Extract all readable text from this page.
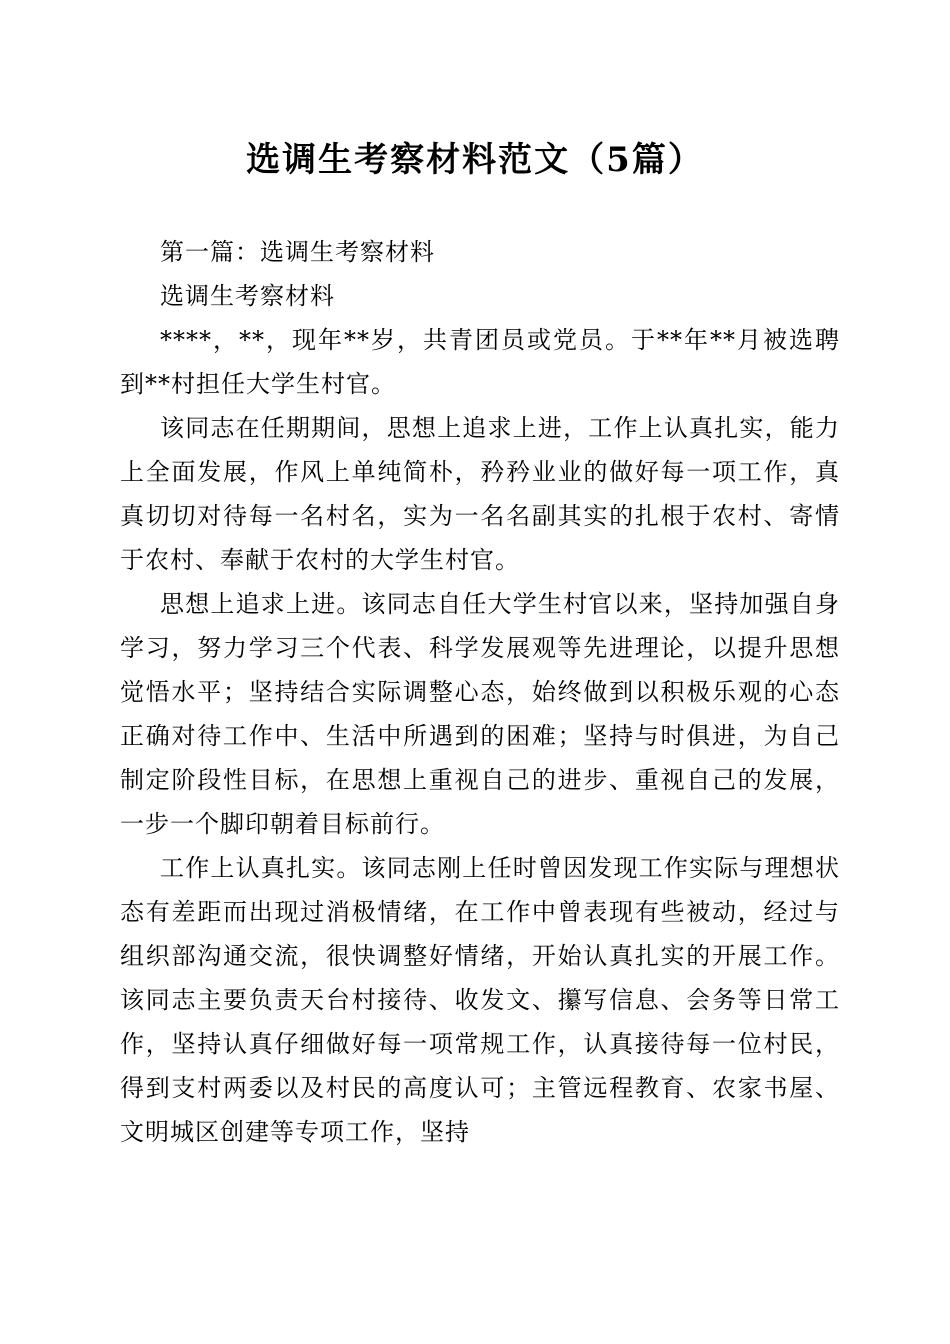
选调生考察材料范文（5篇）

第一篇：选调生考察材料

选调生考察材料

****，**，现年**岁，共青团员或党员。于**年**月被选聘到**村担任大学生村官。

该同志在任期期间，思想上追求上进，工作上认真扎实，能力上全面发展，作风上单纯简朴，矜矜业业的做好每一项工作，真真切切对待每一名村名，实为一名名副其实的扎根于农村、寄情于农村、奉献于农村的大学生村官。

思想上追求上进。该同志自任大学生村官以来，坚持加强自身学习，努力学习三个代表、科学发展观等先进理论，以提升思想觉悟水平；坚持结合实际调整心态，始终做到以积极乐观的心态正确对待工作中、生活中所遇到的困难；坚持与时俱进，为自己制定阶段性目标，在思想上重视自己的进步、重视自己的发展，一步一个脚印朝着目标前行。

工作上认真扎实。该同志刚上任时曾因发现工作实际与理想状态有差距而出现过消极情绪，在工作中曾表现有些被动，经过与组织部沟通交流，很快调整好情绪，开始认真扎实的开展工作。该同志主要负责天台村接待、收发文、攥写信息、会务等日常工作，坚持认真仔细做好每一项常规工作，认真接待每一位村民，得到支村两委以及村民的高度认可；主管远程教育、农家书屋、文明城区创建等专项工作，坚持
